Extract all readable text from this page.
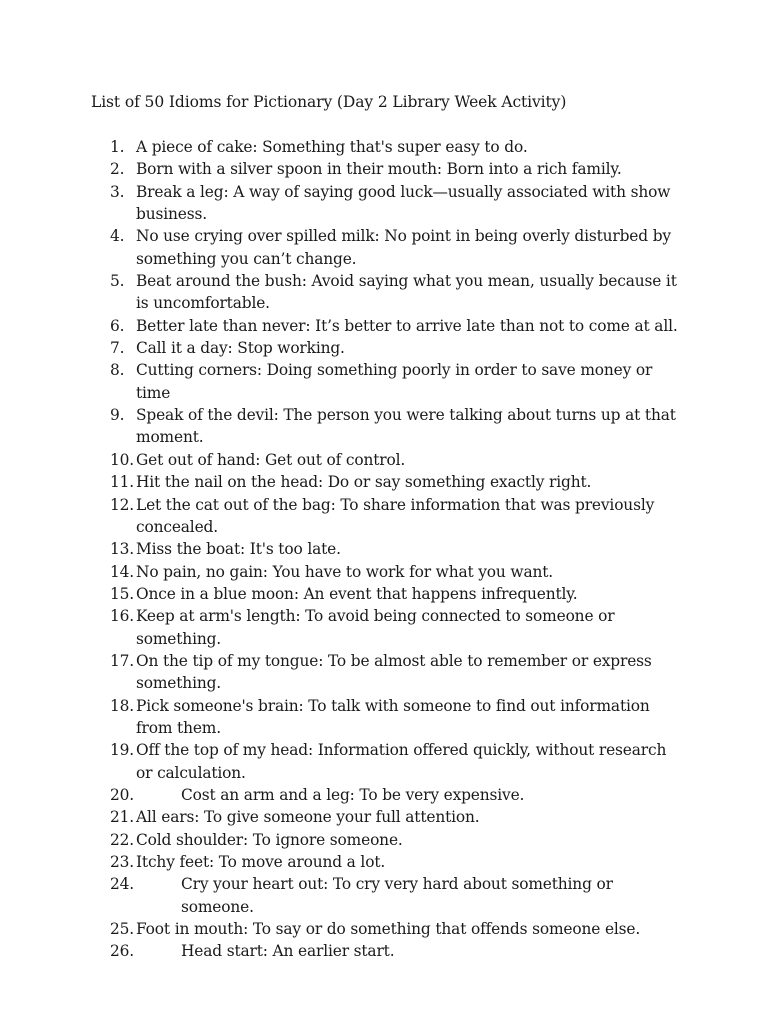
List of 50 Idioms for Pictionary (Day 2 Library Week Activity)
1. A piece of cake: Something that's super easy to do.
2. Born with a silver spoon in their mouth: Born into a rich family.
3. Break a leg: A way of saying good luck—usually associated with show business.
4. No use crying over spilled milk: No point in being overly disturbed by something you can’t change.
5. Beat around the bush: Avoid saying what you mean, usually because it is uncomfortable.
6. Better late than never: It’s better to arrive late than not to come at all.
7. Call it a day: Stop working.
8. Cutting corners: Doing something poorly in order to save money or time
9. Speak of the devil: The person you were talking about turns up at that moment.
10. Get out of hand: Get out of control.
11. Hit the nail on the head: Do or say something exactly right.
12. Let the cat out of the bag: To share information that was previously concealed.
13. Miss the boat: It's too late.
14. No pain, no gain: You have to work for what you want.
15. Once in a blue moon: An event that happens infrequently.
16. Keep at arm's length: To avoid being connected to someone or something.
17. On the tip of my tongue: To be almost able to remember or express something.
18. Pick someone's brain: To talk with someone to find out information from them.
19. Off the top of my head: Information offered quickly, without research or calculation.
20.	Cost an arm and a leg: To be very expensive.
21. All ears: To give someone your full attention.
22. Cold shoulder: To ignore someone.
23. Itchy feet: To move around a lot.
24.	Cry your heart out: To cry very hard about something or someone.
25. Foot in mouth: To say or do something that offends someone else.
26.	Head start: An earlier start.
